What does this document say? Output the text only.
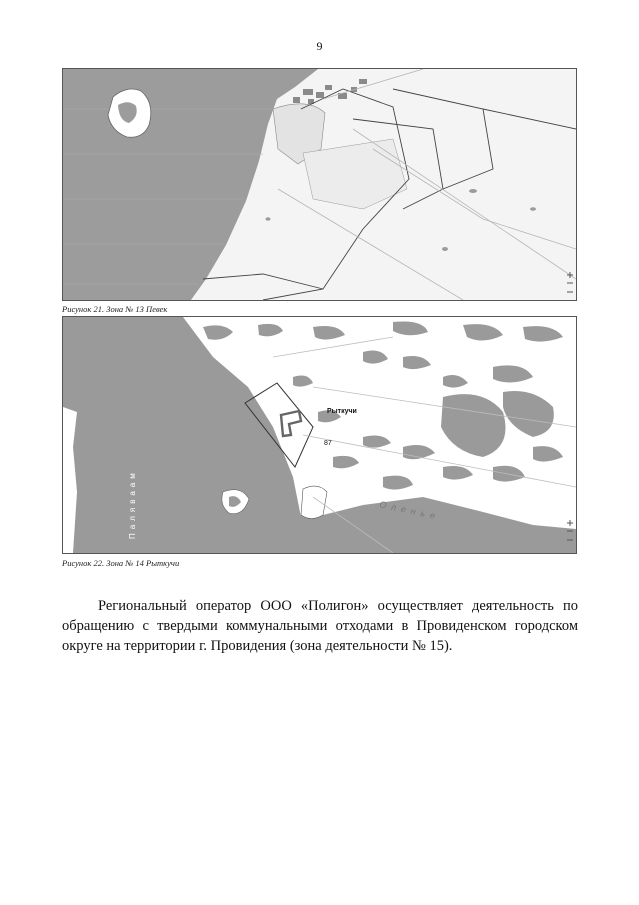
9
Рисунок 21. Зона № 13 Певек
Рыткучи
87
Паляваам	Оленье
Рисунок 22. Зона № 14 Рыткучи
Региональный оператор ООО «Полигон» осуществляет деятельность по
обращению с твердыми коммунальными отходами в Провиденском городском
округе на территории г. Провидения (зона деятельности № 15).
